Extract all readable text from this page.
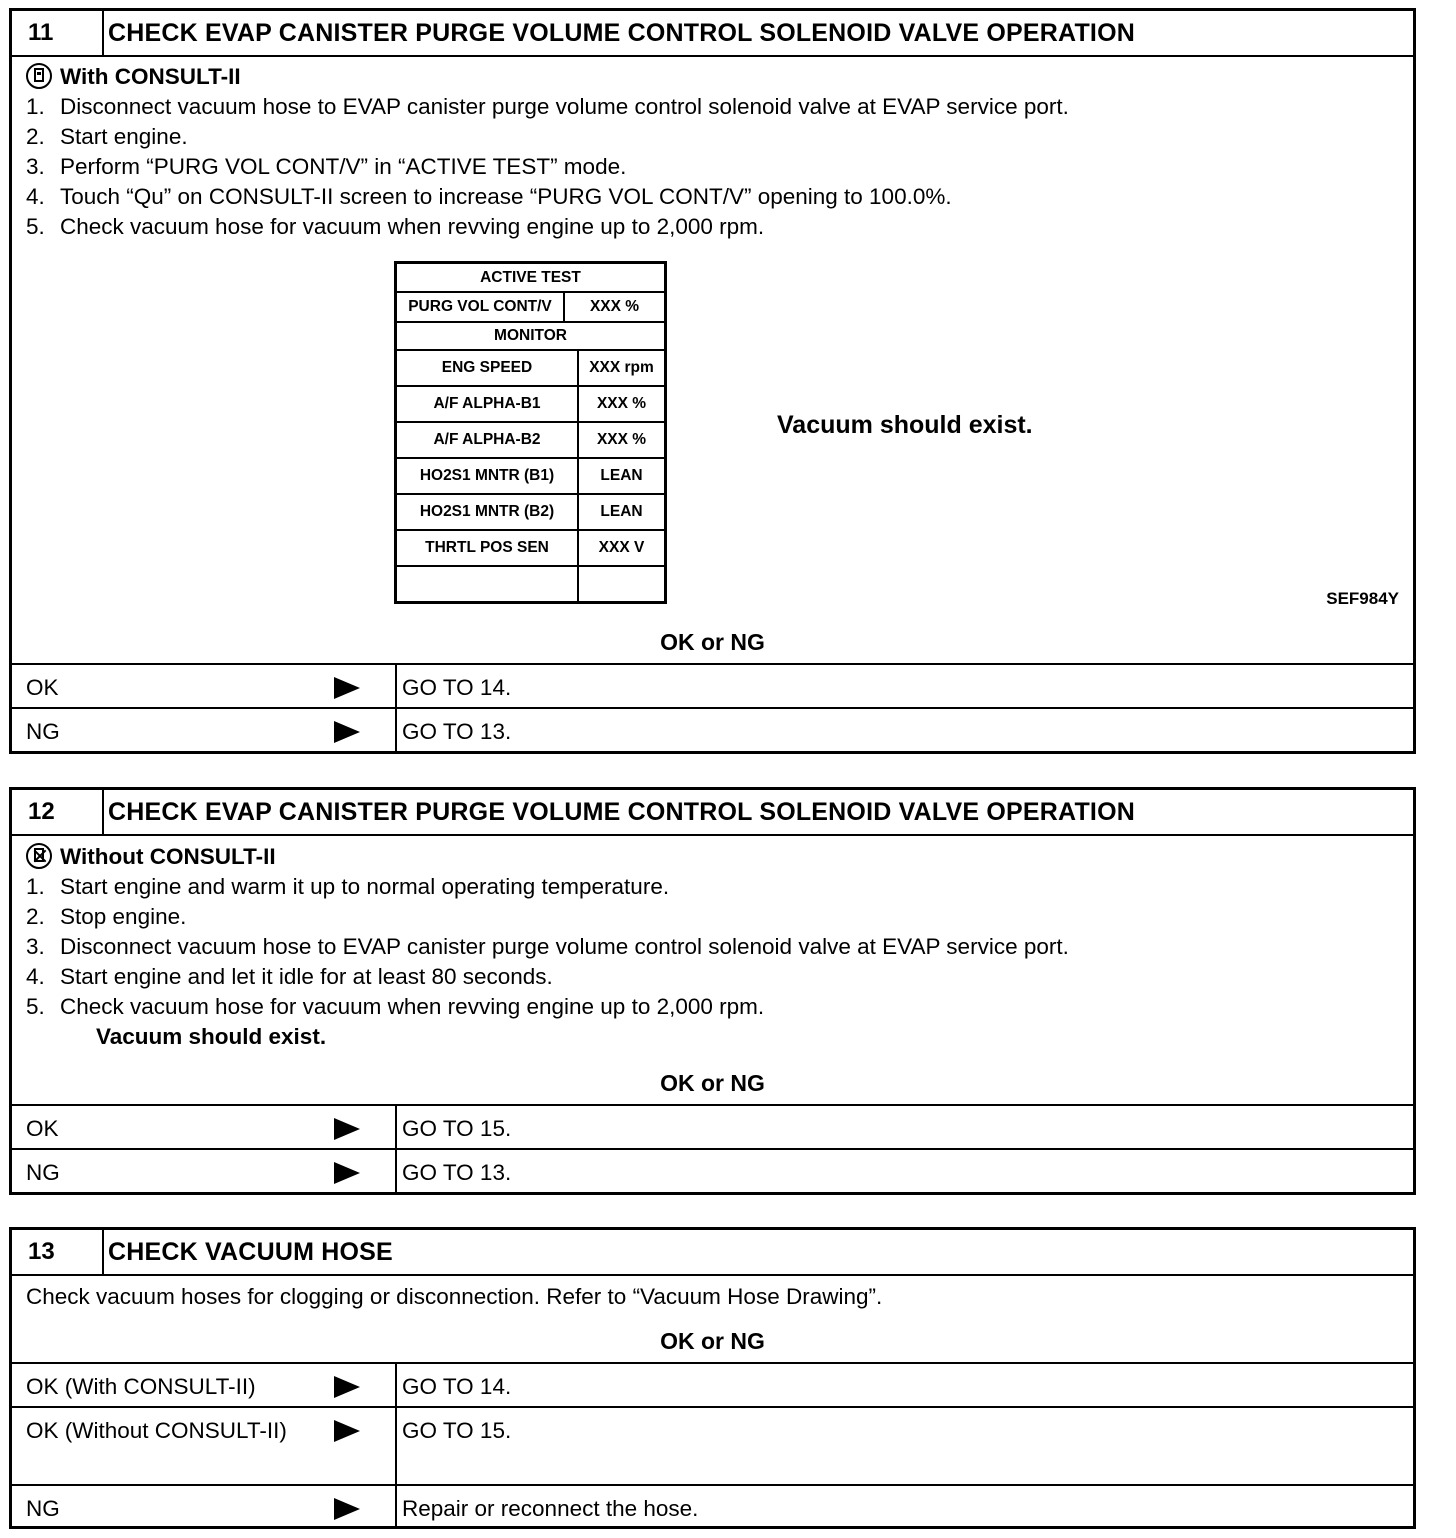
11	CHECK EVAP CANISTER PURGE VOLUME CONTROL SOLENOID VALVE OPERATION
With CONSULT-II
1. Disconnect vacuum hose to EVAP canister purge volume control solenoid valve at EVAP service port.
2. Start engine.
3. Perform “PURG VOL CONT/V” in “ACTIVE TEST” mode.
4. Touch “Qu” on CONSULT-II screen to increase “PURG VOL CONT/V” opening to 100.0%.
5. Check vacuum hose for vacuum when revving engine up to 2,000 rpm.
ACTIVE TEST
PURG VOL CONT/V	XXX %
MONITOR
ENG SPEED	XXX rpm
A/F ALPHA-B1	XXX %
A/F ALPHA-B2	XXX %
HO2S1 MNTR (B1)	LEAN
HO2S1 MNTR (B2)	LEAN
THRTL POS SEN	XXX V
Vacuum should exist.
SEF984Y
OK or NG
OK	GO TO 14.
NG	GO TO 13.
12	CHECK EVAP CANISTER PURGE VOLUME CONTROL SOLENOID VALVE OPERATION
Without CONSULT-II
1. Start engine and warm it up to normal operating temperature.
2. Stop engine.
3. Disconnect vacuum hose to EVAP canister purge volume control solenoid valve at EVAP service port.
4. Start engine and let it idle for at least 80 seconds.
5. Check vacuum hose for vacuum when revving engine up to 2,000 rpm.
Vacuum should exist.
OK or NG
OK	GO TO 15.
NG	GO TO 13.
13	CHECK VACUUM HOSE
Check vacuum hoses for clogging or disconnection. Refer to “Vacuum Hose Drawing”.
OK or NG
OK (With CONSULT-II)	GO TO 14.
OK (Without CONSULT-II)	GO TO 15.
NG	Repair or reconnect the hose.
